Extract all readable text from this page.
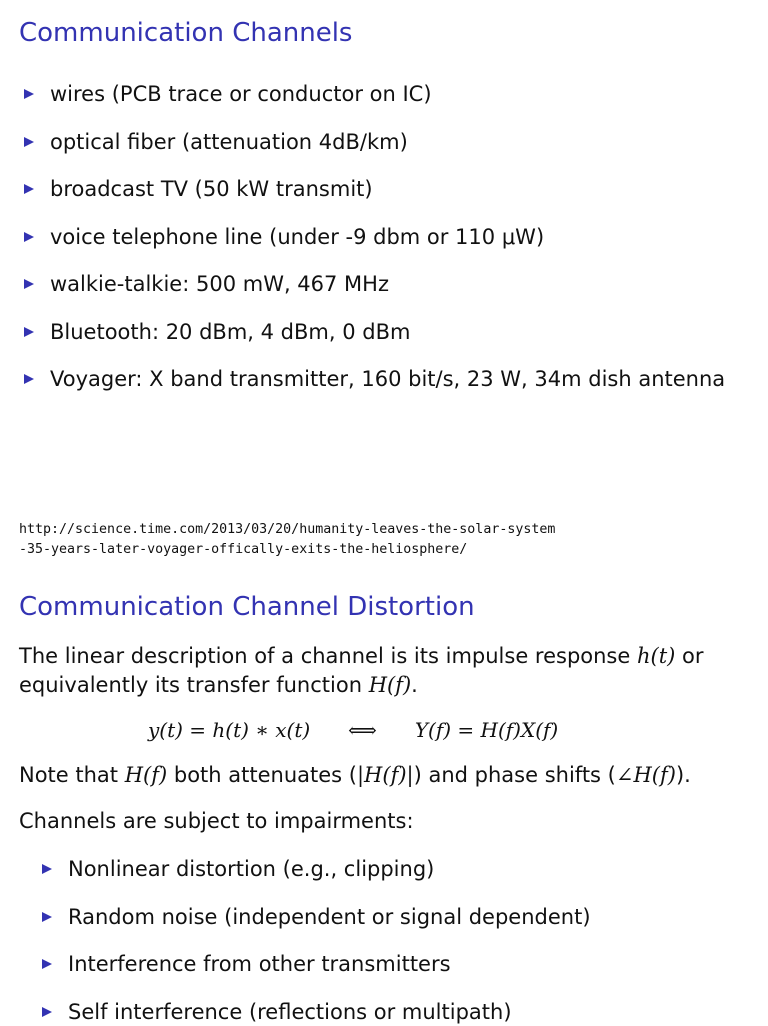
Communication Channels
wires (PCB trace or conductor on IC)
optical fiber (attenuation 4dB/km)
broadcast TV (50 kW transmit)
voice telephone line (under -9 dbm or 110 μW)
walkie-talkie: 500 mW, 467 MHz
Bluetooth: 20 dBm, 4 dBm, 0 dBm
Voyager: X band transmitter, 160 bit/s, 23 W, 34m dish antenna
http://science.time.com/2013/03/20/humanity-leaves-the-solar-system
-35-years-later-voyager-offically-exits-the-heliosphere/
Communication Channel Distortion

The linear description of a channel is its impulse response h(t) or
equivalently its transfer function H(f).

y(t) = h(t) ∗ x(t) ⟺ Y(f) = H(f)X(f)

Note that H(f) both attenuates (|H(f)|) and phase shifts (∠H(f)).

Channels are subject to impairments:

Nonlinear distortion (e.g., clipping)
Random noise (independent or signal dependent)
Interference from other transmitters
Self interference (reflections or multipath)
